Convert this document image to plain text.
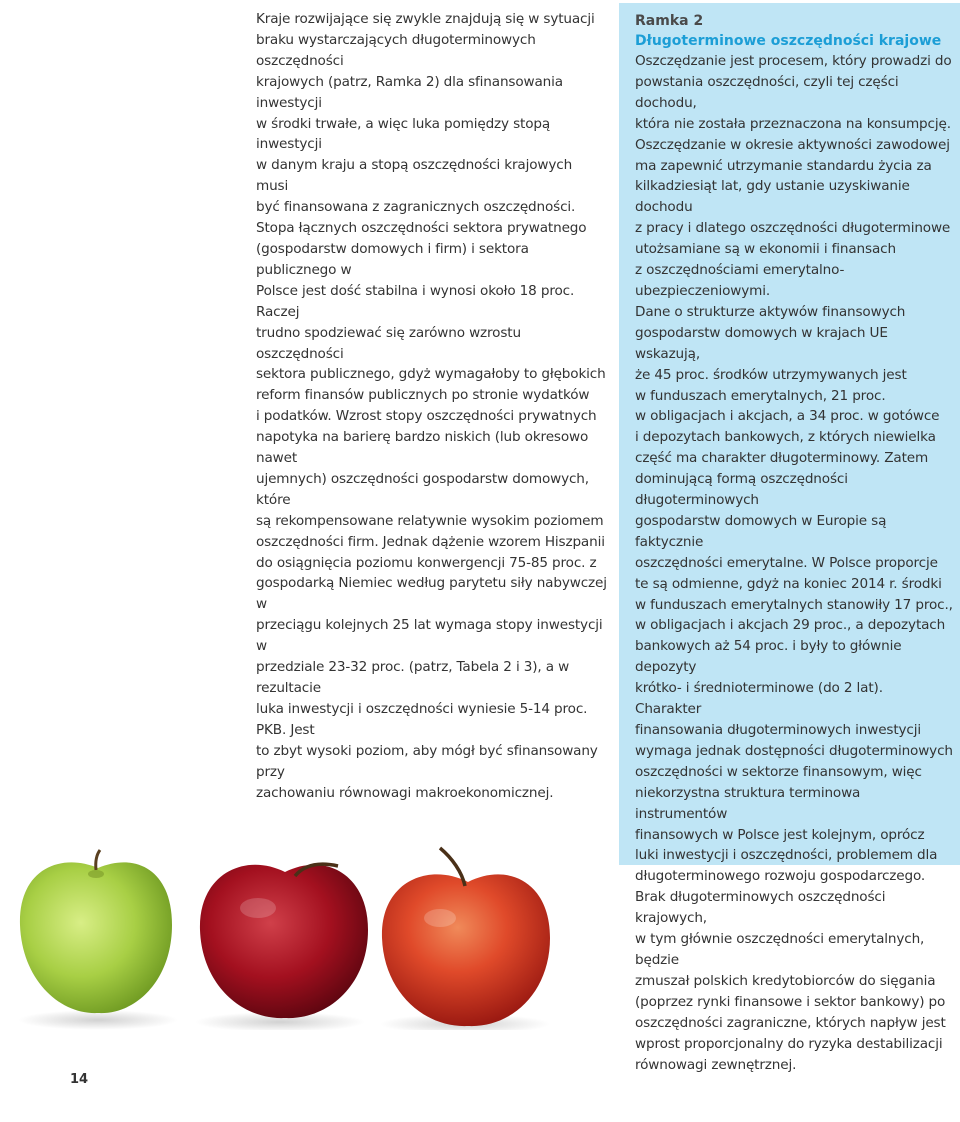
Kraje rozwijające się zwykle znajdują się w sytuacji

braku wystarczających długoterminowych oszczędności

krajowych (patrz, Ramka 2) dla sfinansowania inwestycji

w środki trwałe, a więc luka pomiędzy stopą inwestycji

w danym kraju a stopą oszczędności krajowych musi

być finansowana z zagranicznych oszczędności.

Stopa łącznych oszczędności sektora prywatnego

(gospodarstw domowych i firm) i sektora publicznego w

Polsce jest dość stabilna i wynosi około 18 proc. Raczej

trudno spodziewać się zarówno wzrostu oszczędności

sektora publicznego, gdyż wymagałoby to głębokich

reform finansów publicznych po stronie wydatków

i podatków. Wzrost stopy oszczędności prywatnych

napotyka na barierę bardzo niskich (lub okresowo nawet

ujemnych) oszczędności gospodarstw domowych, które

są rekompensowane relatywnie wysokim poziomem

oszczędności firm. Jednak dążenie wzorem Hiszpanii

do osiągnięcia poziomu konwergencji 75-85 proc. z

gospodarką Niemiec według parytetu siły nabywczej w

przeciągu kolejnych 25 lat wymaga stopy inwestycji w

przedziale 23-32 proc. (patrz, Tabela 2 i 3), a w rezultacie

luka inwestycji i oszczędności wyniesie 5-14 proc. PKB. Jest

to zbyt wysoki poziom, aby mógł być sfinansowany przy

zachowaniu równowagi makroekonomicznej.

Ramka 2

Długoterminowe oszczędności krajowe

Oszczędzanie jest procesem, który prowadzi do

powstania oszczędności, czyli tej części dochodu,

która nie została przeznaczona na konsumpcję.

Oszczędzanie w okresie aktywności zawodowej

ma zapewnić utrzymanie standardu życia za

kilkadziesiąt lat, gdy ustanie uzyskiwanie dochodu

z pracy i dlatego oszczędności długoterminowe

utożsamiane są w ekonomii i finansach

z oszczędnościami emerytalno-ubezpieczeniowymi.

Dane o strukturze aktywów finansowych

gospodarstw domowych w krajach UE wskazują,

że 45 proc. środków utrzymywanych jest

w funduszach emerytalnych, 21 proc.

w obligacjach i akcjach, a 34 proc. w gotówce

i depozytach bankowych, z których niewielka

część ma charakter długoterminowy. Zatem

dominującą formą oszczędności długoterminowych

gospodarstw domowych w Europie są faktycznie

oszczędności emerytalne. W Polsce proporcje

te są odmienne, gdyż na koniec 2014 r. środki

w funduszach emerytalnych stanowiły 17 proc.,

w obligacjach i akcjach 29 proc., a depozytach

bankowych aż 54 proc. i były to głównie depozyty

krótko- i średnioterminowe (do 2 lat). Charakter

finansowania długoterminowych inwestycji

wymaga jednak dostępności długoterminowych

oszczędności w sektorze finansowym, więc

niekorzystna struktura terminowa instrumentów

finansowych w Polsce jest kolejnym, oprócz

luki inwestycji i oszczędności, problemem dla

długoterminowego rozwoju gospodarczego.

Brak długoterminowych oszczędności krajowych,

w tym głównie oszczędności emerytalnych, będzie

zmuszał polskich kredytobiorców do sięgania

(poprzez rynki finansowe i sektor bankowy) po

oszczędności zagraniczne, których napływ jest

wprost proporcjonalny do ryzyka destabilizacji

równowagi zewnętrznej.

14
